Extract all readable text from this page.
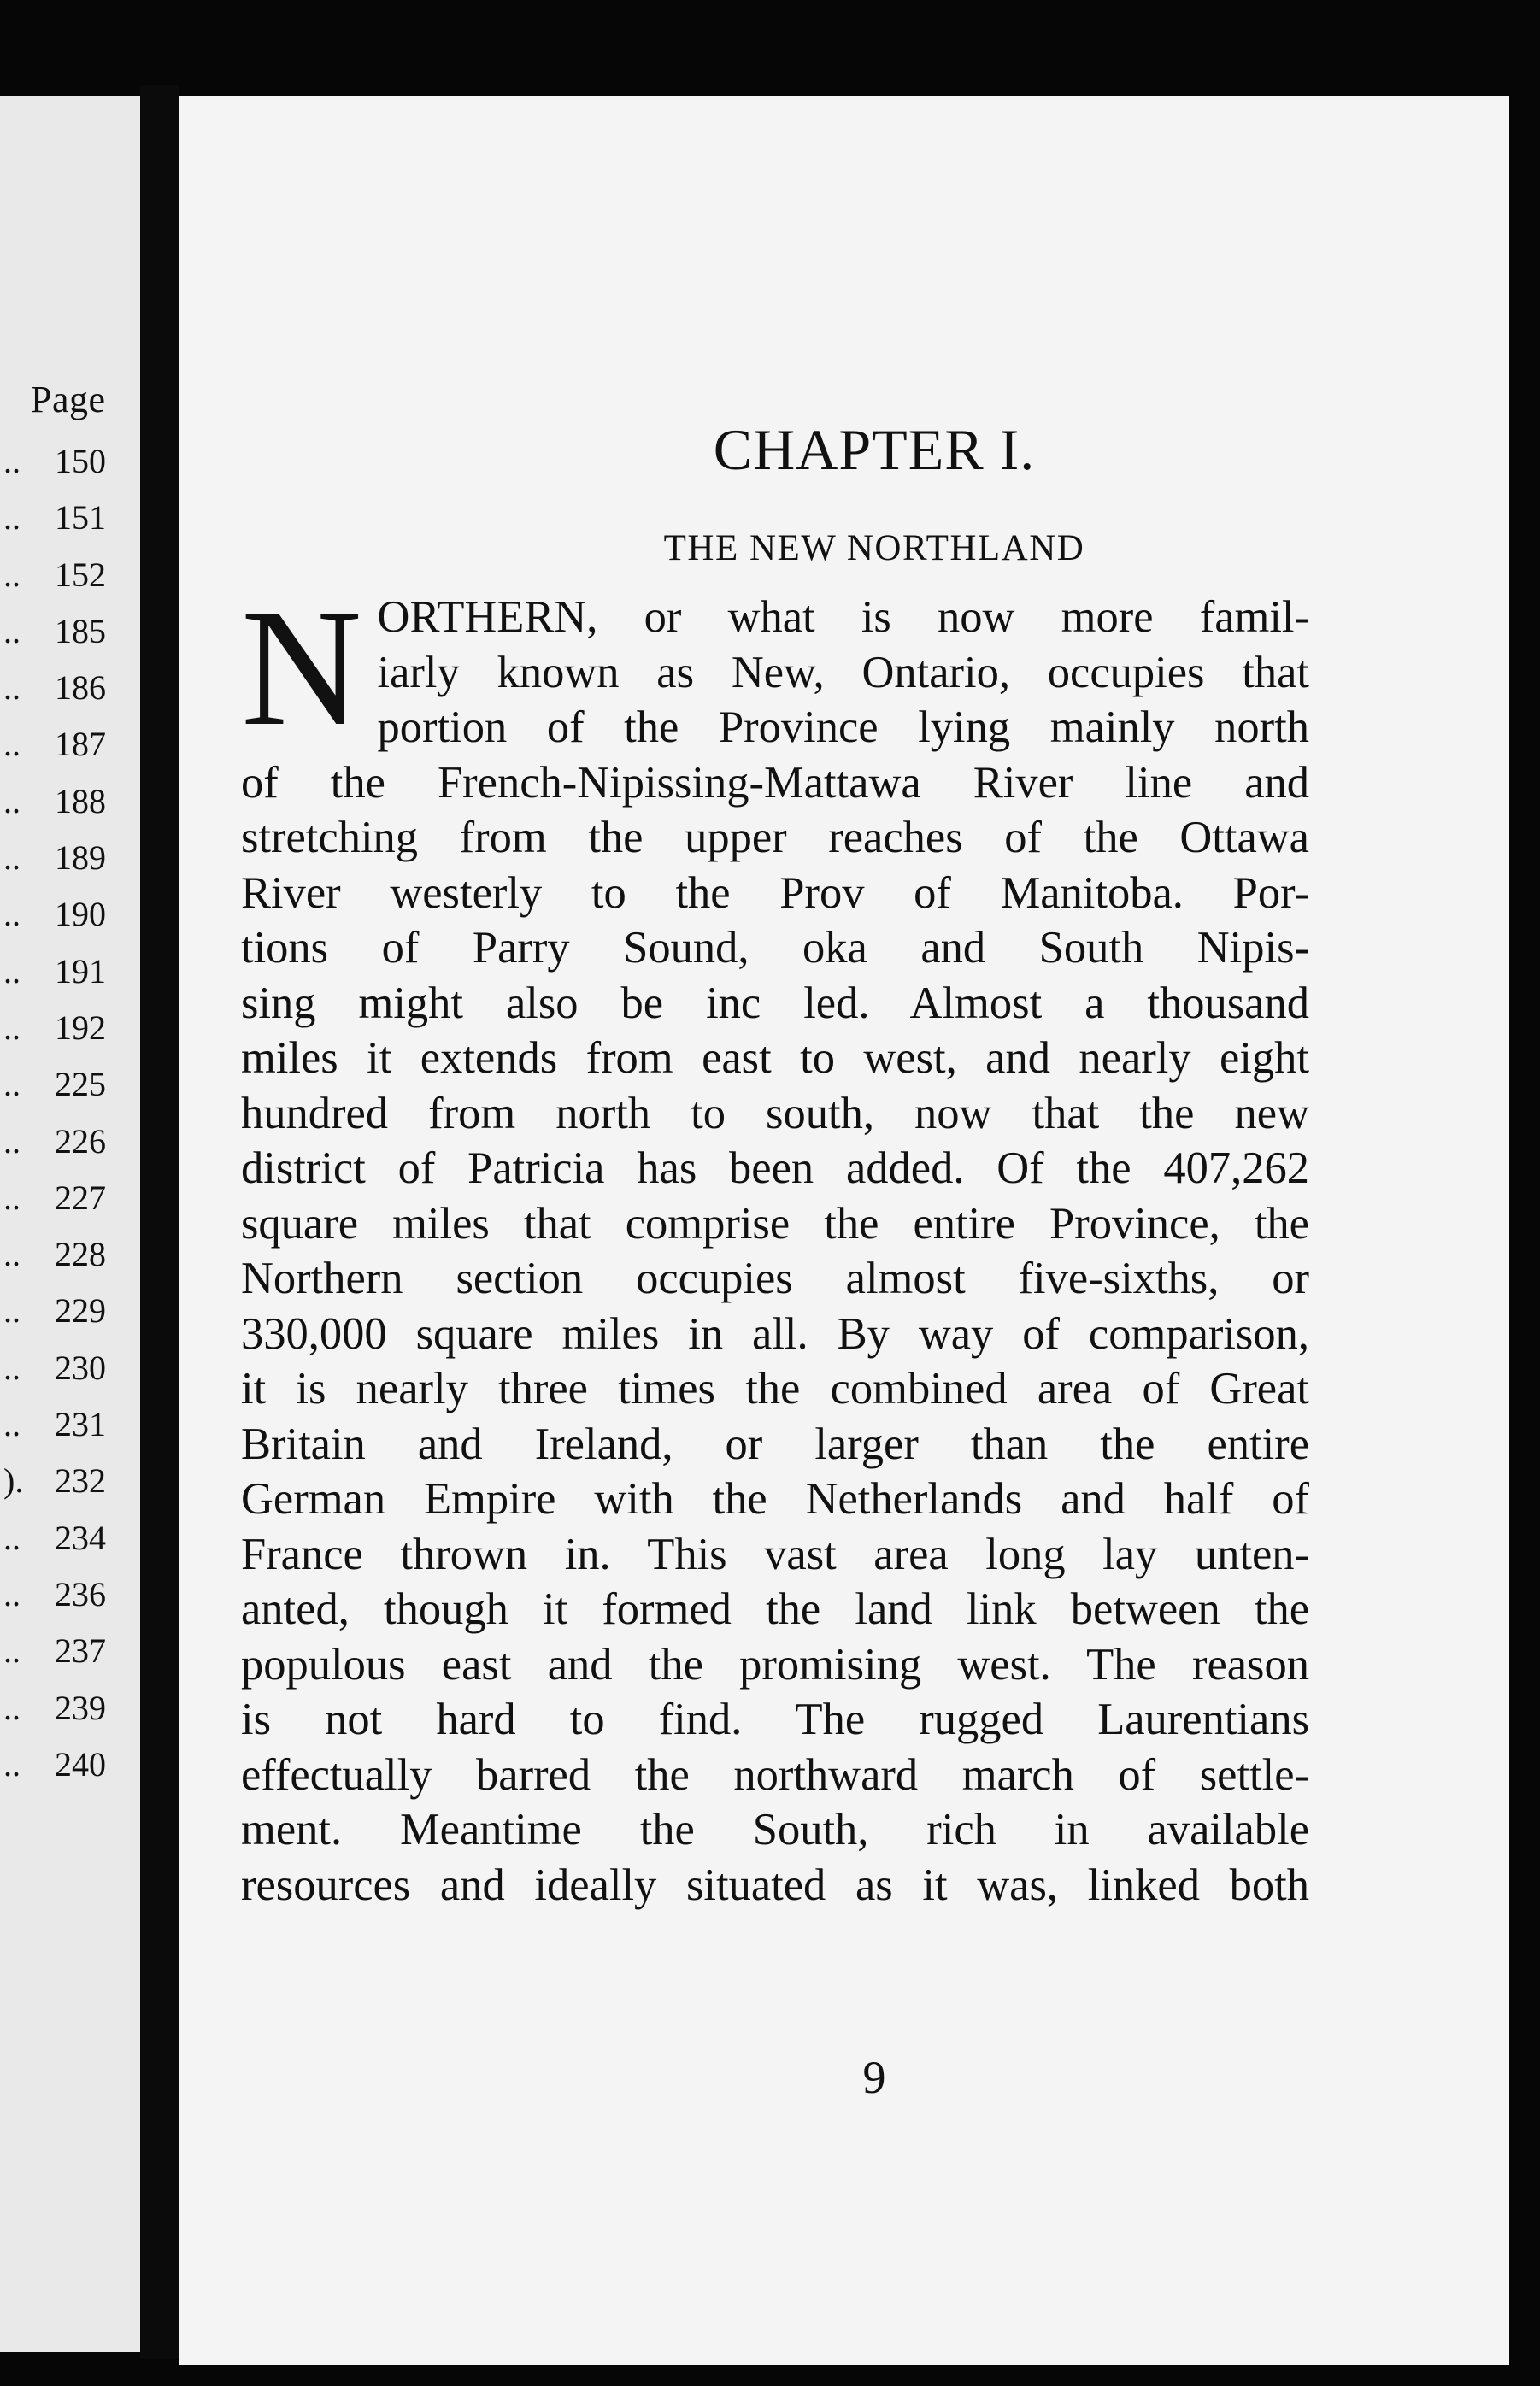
Page
.. 150
.. 151
.. 152
.. 185
.. 186
.. 187
.. 188
.. 189
.. 190
.. 191
.. 192
.. 225
.. 226
.. 227
.. 228
.. 229
.. 230
.. 231
). 232
.. 234
.. 236
.. 237
.. 239
.. 240
CHAPTER I.
THE NEW NORTHLAND
N ORTHERN, or what is now more famil-
iarly known as New, Ontario, occupies that
portion of the Province lying mainly north
of the French-Nipissing-Mattawa River line and
stretching from the upper reaches of the Ottawa
River westerly to the Prov of Manitoba. Por-
tions of Parry Sound, oka and South Nipis-
sing might also be inc led. Almost a thousand
miles it extends from east to west, and nearly eight
hundred from north to south, now that the new
district of Patricia has been added. Of the 407,262
square miles that comprise the entire Province, the
Northern section occupies almost five-sixths, or
330,000 square miles in all. By way of comparison,
it is nearly three times the combined area of Great
Britain and Ireland, or larger than the entire
German Empire with the Netherlands and half of
France thrown in. This vast area long lay unten-
anted, though it formed the land link between the
populous east and the promising west. The reason
is not hard to find. The rugged Laurentians
effectually barred the northward march of settle-
ment. Meantime the South, rich in available
resources and ideally situated as it was, linked both
9
